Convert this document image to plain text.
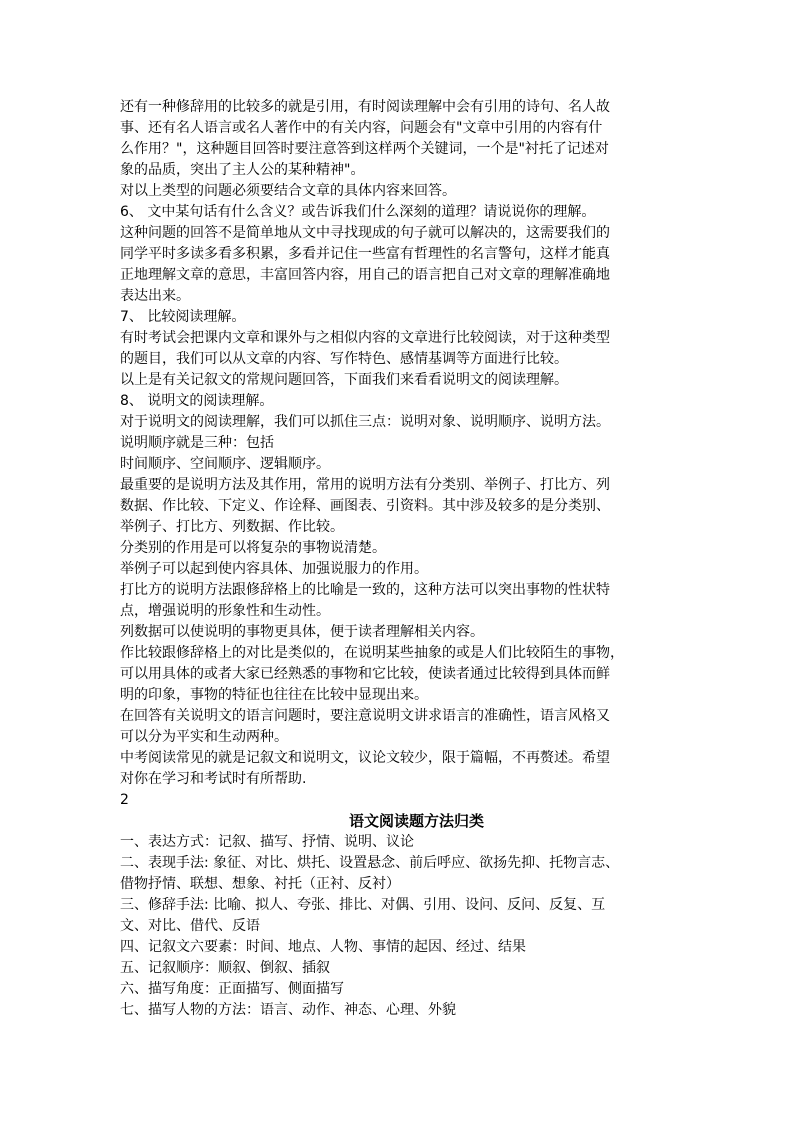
还有一种修辞用的比较多的就是引用，有时阅读理解中会有引用的诗句、名人故
事、还有名人语言或名人著作中的有关内容，问题会有"文章中引用的内容有什
么作用？"，这种题目回答时要注意答到这样两个关键词，一个是"衬托了记述对
象的品质，突出了主人公的某种精神"。
对以上类型的问题必须要结合文章的具体内容来回答。
6、 文中某句话有什么含义？或告诉我们什么深刻的道理？请说说你的理解。
这种问题的回答不是简单地从文中寻找现成的句子就可以解决的，这需要我们的
同学平时多读多看多积累，多看并记住一些富有哲理性的名言警句，这样才能真
正地理解文章的意思，丰富回答内容，用自己的语言把自己对文章的理解准确地
表达出来。
7、 比较阅读理解。
有时考试会把课内文章和课外与之相似内容的文章进行比较阅读，对于这种类型
的题目，我们可以从文章的内容、写作特色、感情基调等方面进行比较。
以上是有关记叙文的常规问题回答，下面我们来看看说明文的阅读理解。
8、 说明文的阅读理解。
对于说明文的阅读理解，我们可以抓住三点：说明对象、说明顺序、说明方法。
说明顺序就是三种：包括
时间顺序、空间顺序、逻辑顺序。
最重要的是说明方法及其作用，常用的说明方法有分类别、举例子、打比方、列
数据、作比较、下定义、作诠释、画图表、引资料。其中涉及较多的是分类别、
举例子、打比方、列数据、作比较。
分类别的作用是可以将复杂的事物说清楚。
举例子可以起到使内容具体、加强说服力的作用。
打比方的说明方法跟修辞格上的比喻是一致的，这种方法可以突出事物的性状特
点，增强说明的形象性和生动性。
列数据可以使说明的事物更具体，便于读者理解相关内容。
作比较跟修辞格上的对比是类似的，在说明某些抽象的或是人们比较陌生的事物，
可以用具体的或者大家已经熟悉的事物和它比较，使读者通过比较得到具体而鲜
明的印象，事物的特征也往往在比较中显现出来。
在回答有关说明文的语言问题时，要注意说明文讲求语言的准确性，语言风格又
可以分为平实和生动两种。
中考阅读常见的就是记叙文和说明文，议论文较少，限于篇幅，不再赘述。希望
对你在学习和考试时有所帮助.
2
语文阅读题方法归类
一、表达方式：记叙、描写、抒情、说明、议论
二、表现手法: 象征、对比、烘托、设置悬念、前后呼应、欲扬先抑、托物言志、
借物抒情、联想、想象、衬托（正衬、反衬）
三、修辞手法: 比喻、拟人、夸张、排比、对偶、引用、设问、反问、反复、互
文、对比、借代、反语
四、记叙文六要素：时间、地点、人物、事情的起因、经过、结果
五、记叙顺序：顺叙、倒叙、插叙
六、描写角度：正面描写、侧面描写
七、描写人物的方法：语言、动作、神态、心理、外貌
